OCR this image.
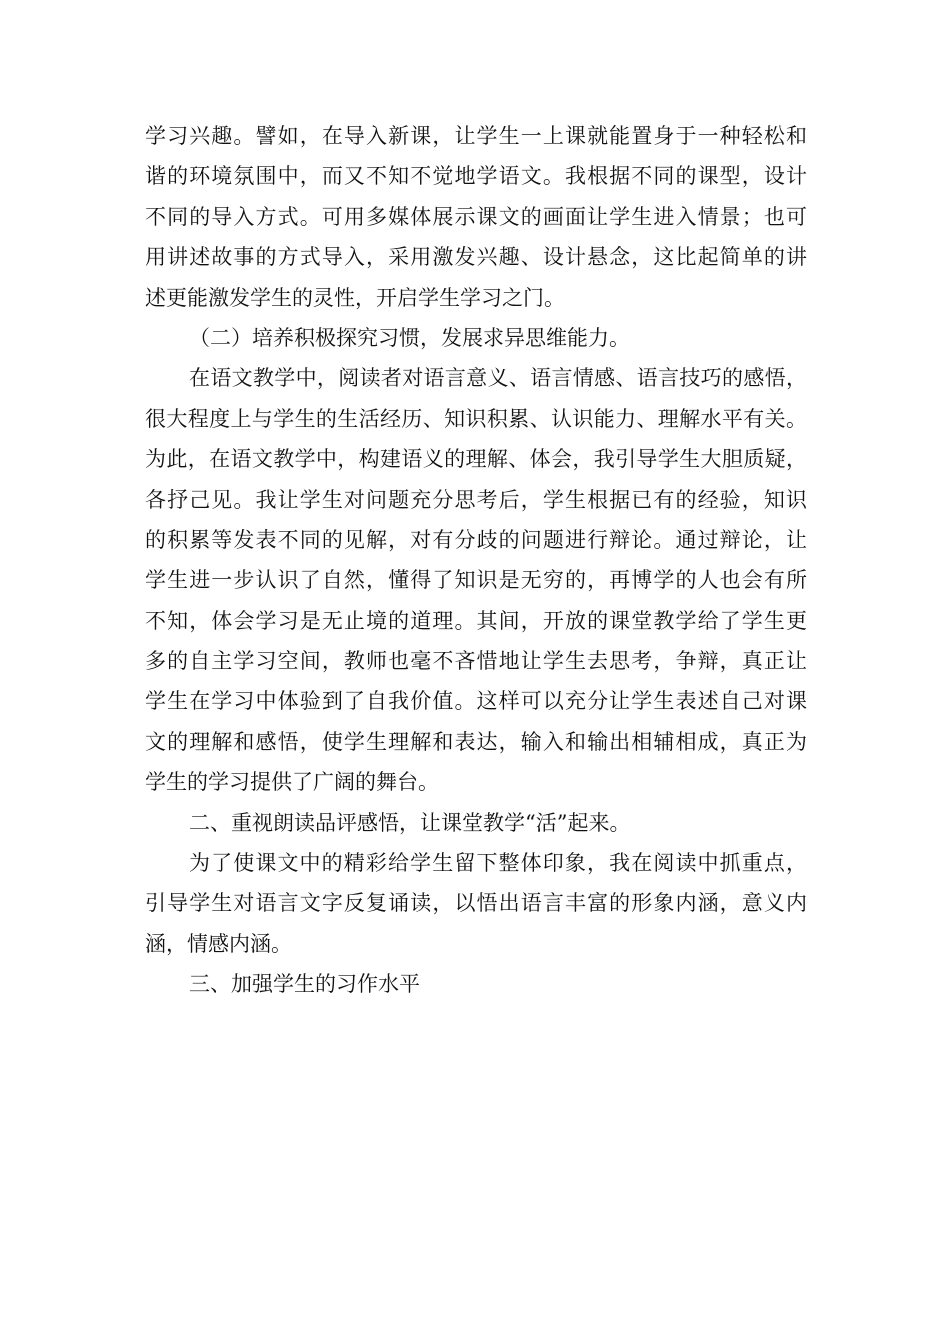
学习兴趣。譬如，在导入新课，让学生一上课就能置身于一种轻松和
谐的环境氛围中，而又不知不觉地学语文。我根据不同的课型，设计
不同的导入方式。可用多媒体展示课文的画面让学生进入情景；也可
用讲述故事的方式导入，采用激发兴趣、设计悬念，这比起简单的讲
述更能激发学生的灵性，开启学生学习之门。
（二）培养积极探究习惯，发展求异思维能力。
在语文教学中，阅读者对语言意义、语言情感、语言技巧的感悟，
很大程度上与学生的生活经历、知识积累、认识能力、理解水平有关。
为此，在语文教学中，构建语义的理解、体会，我引导学生大胆质疑，
各抒己见。我让学生对问题充分思考后，学生根据已有的经验，知识
的积累等发表不同的见解，对有分歧的问题进行辩论。通过辩论，让
学生进一步认识了自然，懂得了知识是无穷的，再博学的人也会有所
不知，体会学习是无止境的道理。其间，开放的课堂教学给了学生更
多的自主学习空间，教师也毫不吝惜地让学生去思考，争辩，真正让
学生在学习中体验到了自我价值。这样可以充分让学生表述自己对课
文的理解和感悟，使学生理解和表达，输入和输出相辅相成，真正为
学生的学习提供了广阔的舞台。
二、重视朗读品评感悟，让课堂教学“活”起来。
为了使课文中的精彩给学生留下整体印象，我在阅读中抓重点，
引导学生对语言文字反复诵读，以悟出语言丰富的形象内涵，意义内
涵，情感内涵。
三、加强学生的习作水平
